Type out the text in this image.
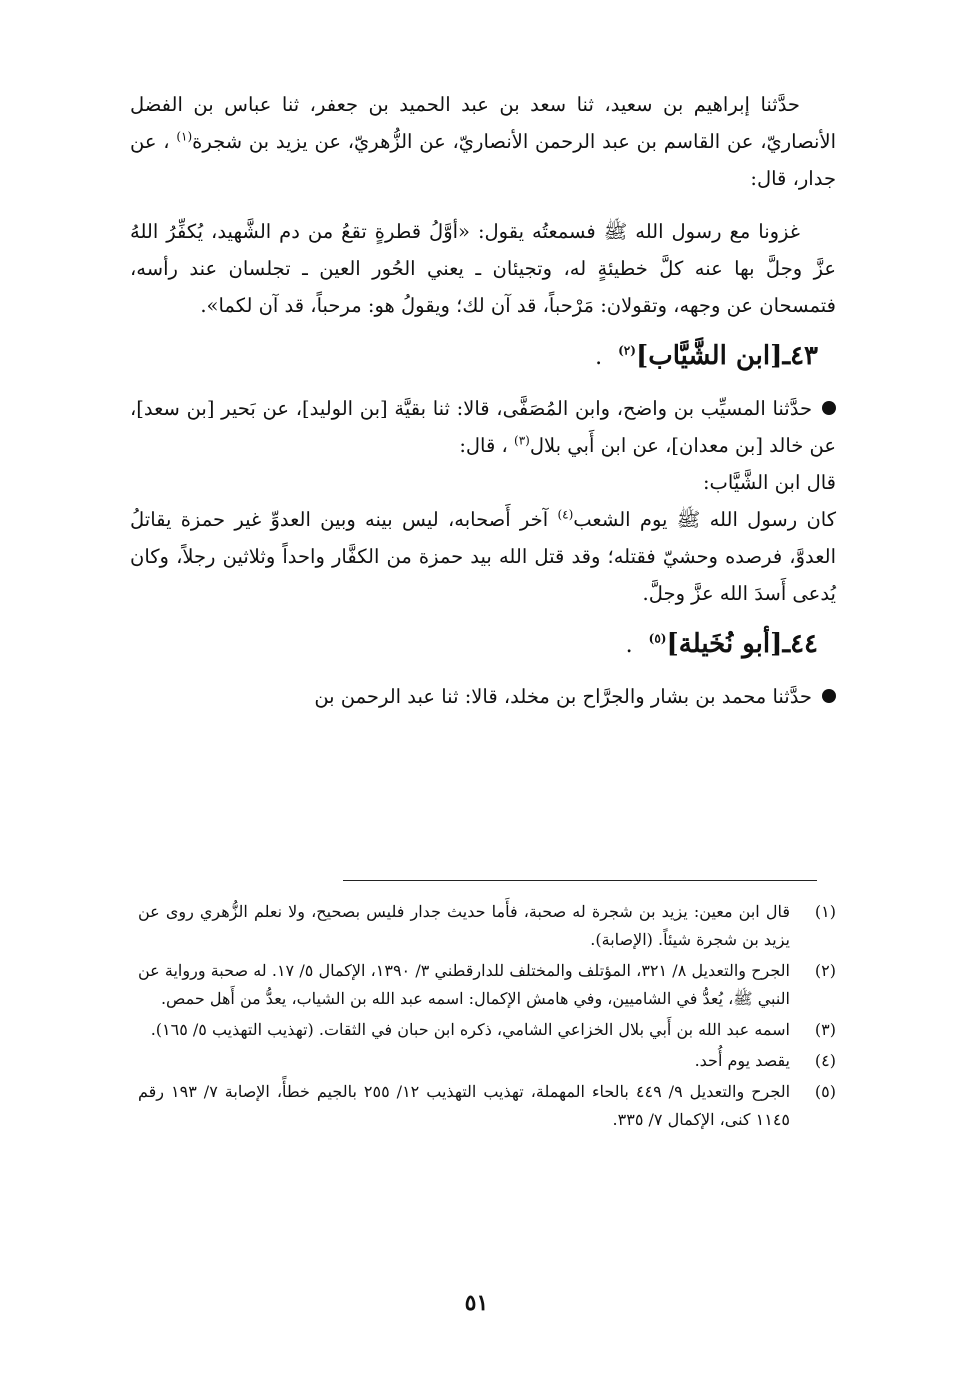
حدَّثنا إبراهيم بن سعيد، ثنا سعد بن عبد الحميد بن جعفر، ثنا عباس بن الفضل الأنصاريّ، عن القاسم بن عبد الرحمن الأنصاريّ، عن الزُّهريّ، عن يزيد بن شجرة$^{(١)}$ ، عن جدار، قال:

غزونا مع رسول الله ﷺ فسمعتُه يقول: «أوَّلُ قطرةٍ تقعُ من دم الشَّهيد، يُكفِّرُ اللهُ عزَّ وجلَّ بها عنه كلَّ خطيئةٍ له، وتجيئان ـ يعني الحُور العين ـ تجلسان عند رأسه، فتمسحان عن وجهه، وتقولان: مَرْحباً، قد آن لك؛ ويقولُ هو: مرحباً، قد آن لكما».

٤٣ـ[ابن الشَّيَّاب]$^{(٢)}$.

حدَّثنا المسيِّب بن واضح، وابن المُصَفَّى، قالا: ثنا بقيَّة [بن الوليد]، عن بَحير [بن سعد]، عن خالد [بن معدان]، عن ابن أَبي بلال$^{(٣)}$ ، قال:

قال ابن الشَّيَّاب:

كان رسول الله ﷺ يوم الشعب$^{(٤)}$ آخر أَصحابه، ليس بينه وبين العدوِّ غير حمزة يقاتلُ العدوَّ، فرصده وحشيّ فقتله؛ وقد قتل الله بيد حمزة من الكفَّار واحداً وثلاثين رجلاً، وكان يُدعى أَسدَ الله عزَّ وجلَّ.

٤٤ـ[أبو نُخَيلة]$^{(٥)}$.

حدَّثنا محمد بن بشار والجرَّاح بن مخلد، قالا: ثنا عبد الرحمن بن

(١)
قال ابن معين: يزيد بن شجرة له صحبة، فأَما حديث جدار فليس بصحيح، ولا نعلم الزُّهري روى عن يزيد بن شجرة شيئاً. (الإصابة).
(٢)
الجرح والتعديل ٨/ ٣٢١، المؤتلف والمختلف للدارقطني ٣/ ١٣٩٠، الإكمال ٥/ ١٧. له صحبة ورواية عن النبي ﷺ، يُعدُّ في الشاميين، وفي هامش الإكمال: اسمه عبد الله بن الشياب، يعدُّ من أَهل حمص.
(٣)
اسمه عبد الله بن أَبي بلال الخزاعي الشامي، ذكره ابن حبان في الثقات. (تهذيب التهذيب ٥/ ١٦٥).
(٤)
يقصد يوم أُحد.
(٥)
الجرح والتعديل ٩/ ٤٤٩ بالحاء المهملة، تهذيب التهذيب ١٢/ ٢٥٥ بالجيم خطأً، الإصابة ٧/ ١٩٣ رقم ١١٤٥ كنى، الإكمال ٧/ ٣٣٥.
٥١
